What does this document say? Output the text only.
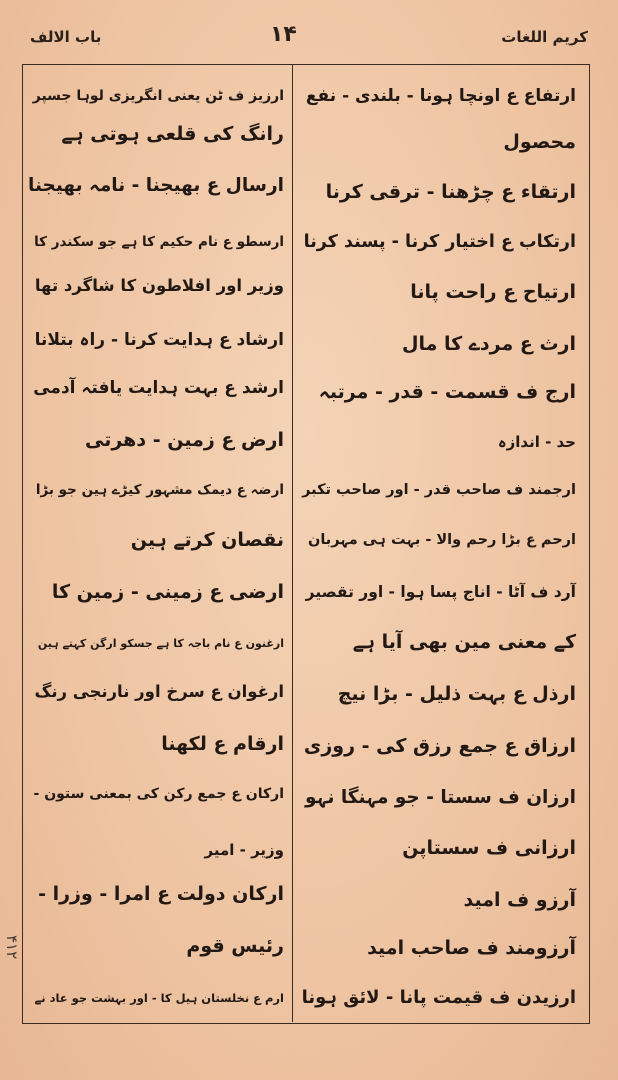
کریم اللغات
۱۴
باب الالف
ارتفاع ع اونچا ہونا - بلندی - نفع
محصول
ارتقاء ع چڑھنا - ترقی کرنا
ارتکاب ع اختیار کرنا - پسند کرنا
ارتیاح ع راحت پانا
ارث ع مردے کا مال
ارج ف قسمت - قدر - مرتبہ
حد - اندازہ
ارجمند ف صاحب قدر - اور صاحب تکبر
ارحم ع بڑا رحم والا - بہت ہی مہربان
آرد ف آٹا - اناج پسا ہوا - اور تقصیر
کے معنی مین بھی آیا ہے
ارذل ع بہت ذلیل - بڑا نیچ
ارزاق ع جمع رزق کی - روزی
ارزان ف سستا - جو مہنگا نہو
ارزانی ف سستاپن
آرزو ف امید
آرزومند ف صاحب امید
ارزیدن ف قیمت پانا - لائق ہونا
ارزیز ف ٹن یعنی انگریزی لوہا جسپر
رانگ کی قلعی ہوتی ہے
ارسال ع بھیجنا - نامہ بھیجنا
ارسطو ع نام حکیم کا ہے جو سکندر کا
وزیر اور افلاطون کا شاگرد تھا
ارشاد ع ہدایت کرنا - راہ بتلانا
ارشد ع بہت ہدایت یافتہ آدمی
ارض ع زمین - دھرتی
ارضہ ع دیمک مشہور کیڑے ہین جو بڑا
نقصان کرتے ہین
ارضی ع زمینی - زمین کا
ارغنون ع نام باجہ کا ہے جسکو ارگن کہتے ہین
ارغوان ع سرخ اور نارنجی رنگ
ارقام ع لکھنا
ارکان ع جمع رکن کی بمعنی ستون -
وزیر - امیر
ارکان دولت ع امرا - وزرا -
رئیس قوم
ارم ع نخلستان ہیل کا - اور بہشت جو عاد نے
۴۱۲
